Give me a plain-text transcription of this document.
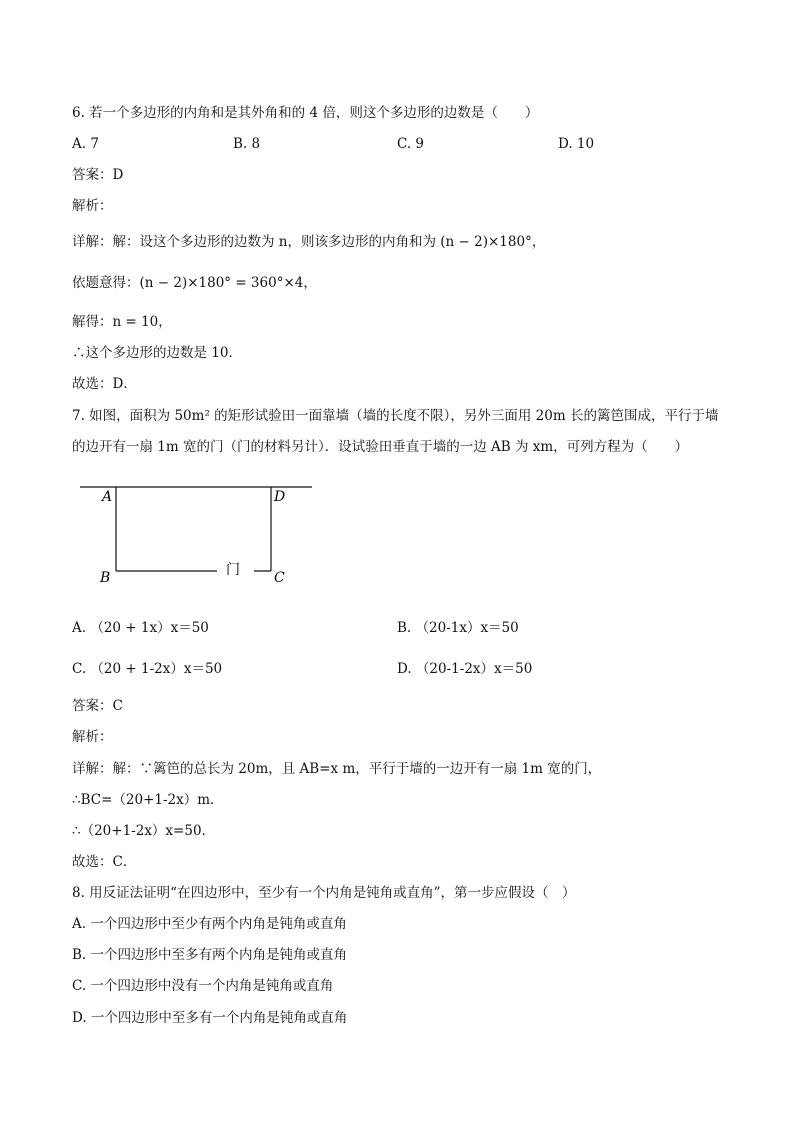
6. 若一个多边形的内角和是其外角和的 4 倍，则这个多边形的边数是（　　）
A. 7	B. 8	C. 9	D. 10
答案：D
解析：
详解：解：设这个多边形的边数为 n，则该多边形的内角和为 (n − 2)×180°，
依题意得：(n − 2)×180° = 360°×4，
解得：n = 10，
∴这个多边形的边数是 10．
故选：D．
7. 如图，面积为 50m² 的矩形试验田一面靠墙（墙的长度不限），另外三面用 20m 长的篱笆围成，平行于墙
的边开有一扇 1m 宽的门（门的材料另计）．设试验田垂直于墙的一边 AB 为 xm，可列方程为（　　）
A	D
B	C
门
A. （20 + 1x）x＝50	B. （20-1x）x＝50
C. （20 + 1-2x）x＝50	D. （20-1-2x）x＝50
答案：C
解析：
详解：解：∵篱笆的总长为 20m，且 AB=x m，平行于墙的一边开有一扇 1m 宽的门，
∴BC=（20+1-2x）m．
∴（20+1-2x）x=50．
故选：C．
8. 用反证法证明“在四边形中，至少有一个内角是钝角或直角”，第一步应假设（　）
A. 一个四边形中至少有两个内角是钝角或直角
B. 一个四边形中至多有两个内角是钝角或直角
C. 一个四边形中没有一个内角是钝角或直角
D. 一个四边形中至多有一个内角是钝角或直角
